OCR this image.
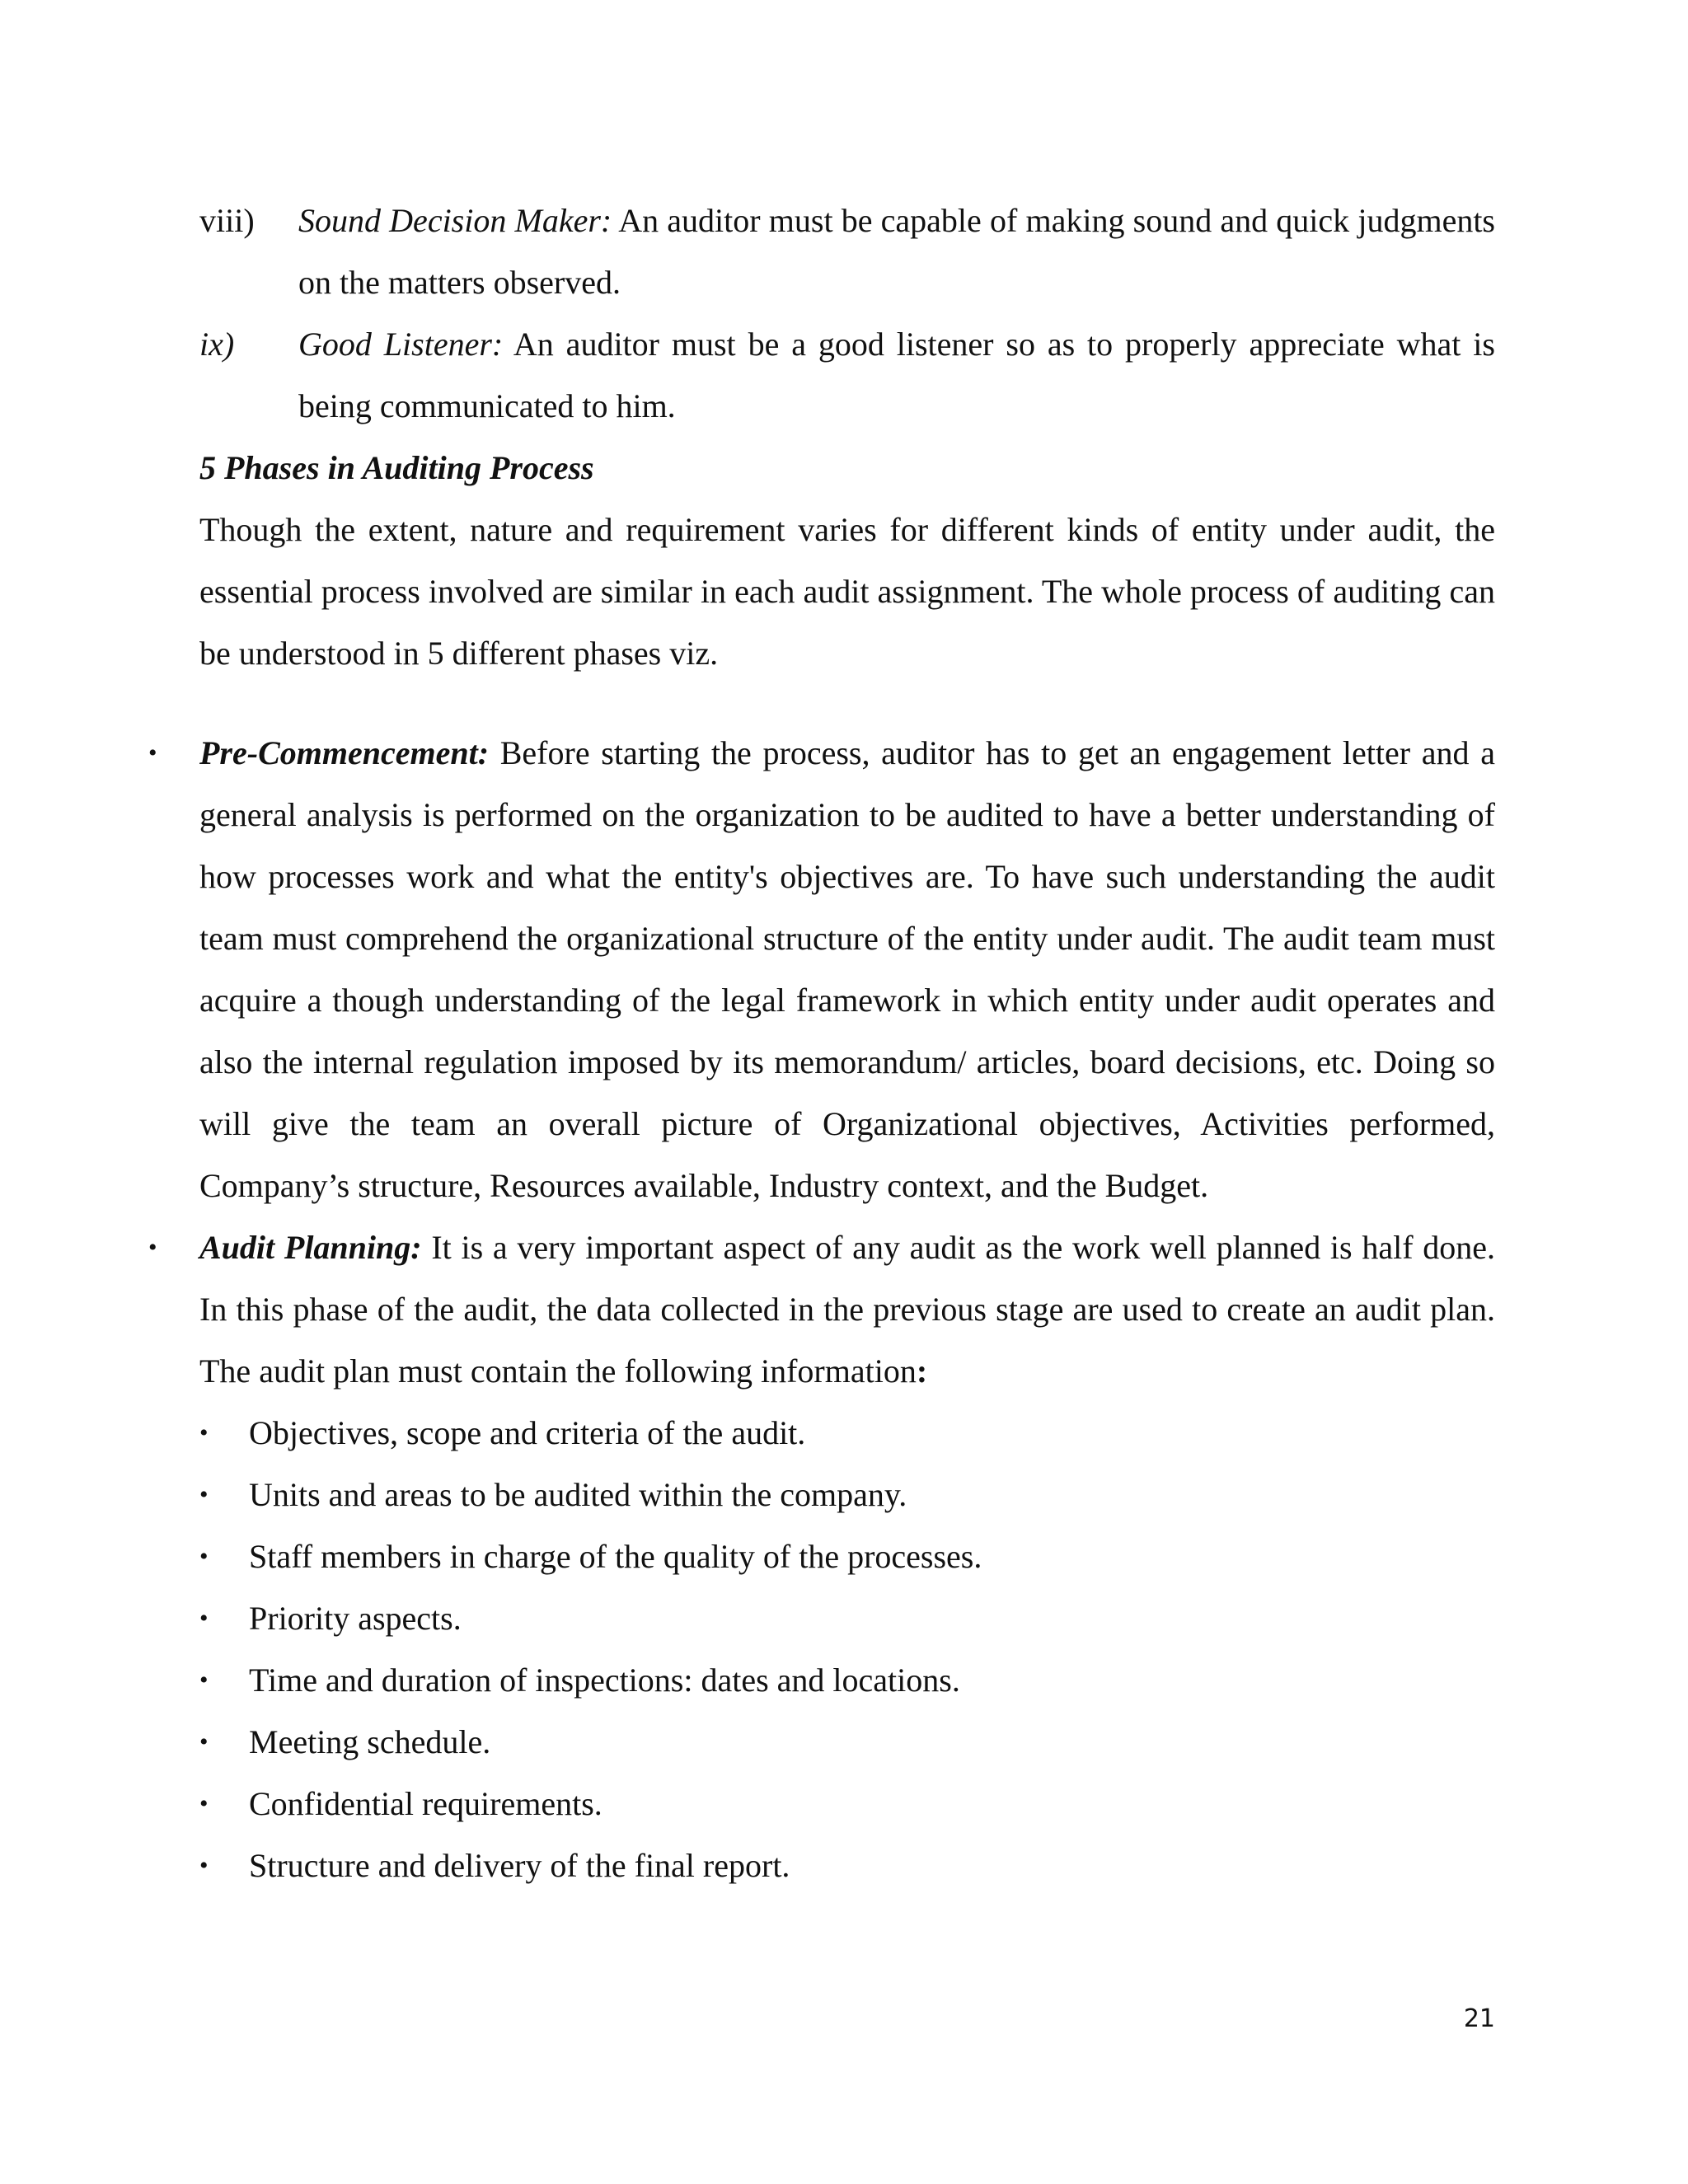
viii) Sound Decision Maker: An auditor must be capable of making sound and quick judgments on the matters observed.
ix) Good Listener: An auditor must be a good listener so as to properly appreciate what is being communicated to him.
5 Phases in Auditing Process
Though the extent, nature and requirement varies for different kinds of entity under audit, the essential process involved are similar in each audit assignment. The whole process of auditing can be understood in 5 different phases viz.
• Pre-Commencement: Before starting the process, auditor has to get an engagement letter and a general analysis is performed on the organization to be audited to have a better understanding of how processes work and what the entity's objectives are. To have such understanding the audit team must comprehend the organizational structure of the entity under audit. The audit team must acquire a though understanding of the legal framework in which entity under audit operates and also the internal regulation imposed by its memorandum/ articles, board decisions, etc. Doing so will give the team an overall picture of Organizational objectives, Activities performed, Company’s structure, Resources available, Industry context, and the Budget.
• Audit Planning: It is a very important aspect of any audit as the work well planned is half done. In this phase of the audit, the data collected in the previous stage are used to create an audit plan. The audit plan must contain the following information:
• Objectives, scope and criteria of the audit.
• Units and areas to be audited within the company.
• Staff members in charge of the quality of the processes.
• Priority aspects.
• Time and duration of inspections: dates and locations.
• Meeting schedule.
• Confidential requirements.
• Structure and delivery of the final report.
21
